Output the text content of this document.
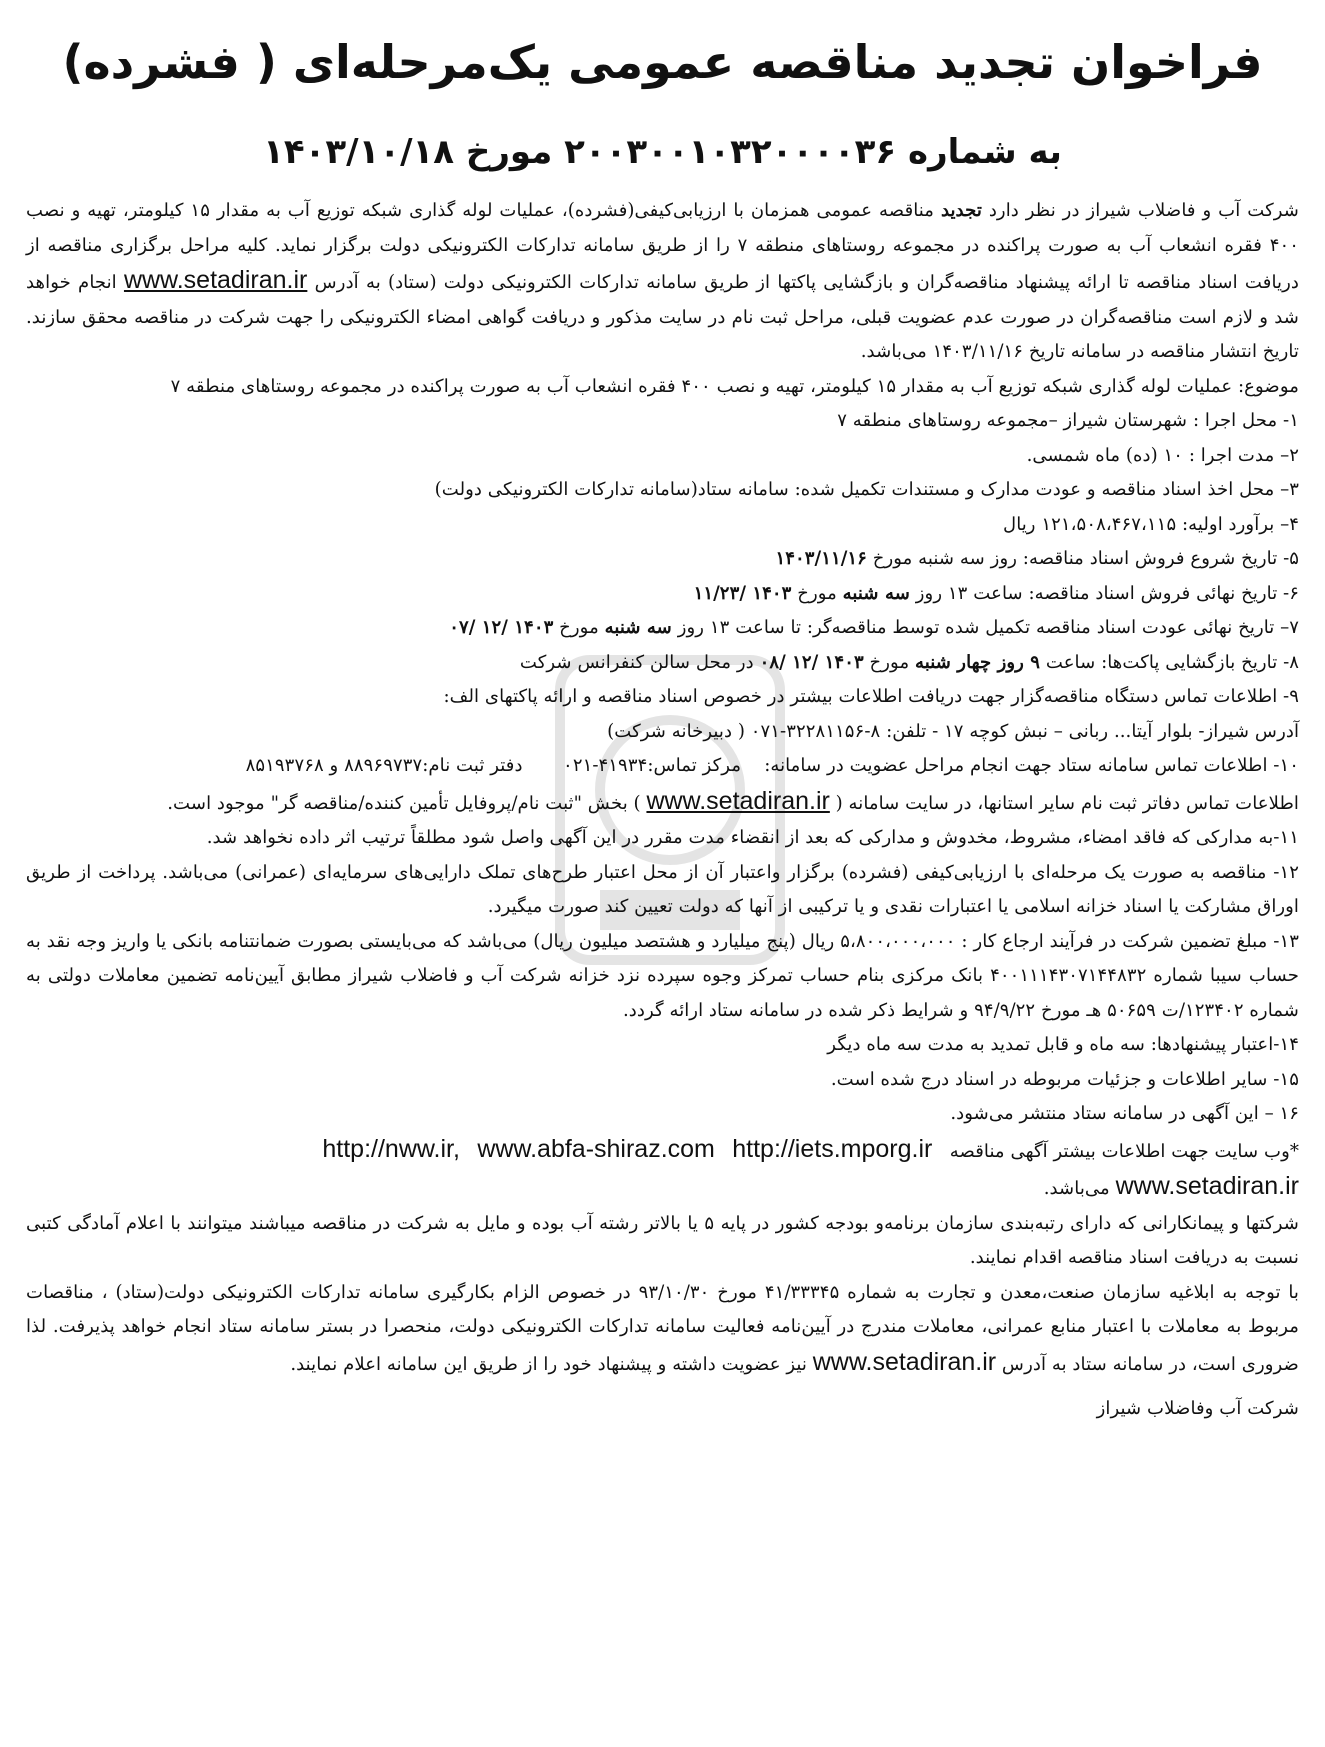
فراخوان تجدید مناقصه عمومی یک‌مرحله‌ای ( فشرده)
به شماره ۲۰۰۳۰۰۱۰۳۲۰۰۰۰۳۶ مورخ ۱۴۰۳/۱۰/۱۸

شرکت آب و فاضلاب شیراز در نظر دارد تجدید مناقصه عمومی همزمان با ارزیابی‌کیفی(فشرده)، عملیات لوله گذاری شبکه توزیع آب به مقدار ۱۵ کیلومتر، تهیه و نصب ۴۰۰ فقره انشعاب آب به صورت پراکنده در مجموعه روستاهای منطقه ۷ را از طریق سامانه تدارکات الکترونیکی دولت برگزار نماید. کلیه مراحل برگزاری مناقصه از دریافت اسناد مناقصه تا ارائه پیشنهاد مناقصه‌گران و بازگشایی پاکتها از طریق سامانه تدارکات الکترونیکی دولت (ستاد) به آدرس www.setadiran.ir انجام خواهد شد و لازم است مناقصه‌گران در صورت عدم عضویت قبلی، مراحل ثبت نام در سایت مذکور و دریافت گواهی امضاء الکترونیکی را جهت شرکت در مناقصه محقق سازند. تاریخ انتشار مناقصه در سامانه تاریخ ۱۴۰۳/۱۱/۱۶ می‌باشد.

موضوع: عملیات لوله گذاری شبکه توزیع آب به مقدار ۱۵ کیلومتر، تهیه و نصب ۴۰۰ فقره انشعاب آب به صورت پراکنده در مجموعه روستاهای منطقه ۷

۱- محل اجرا : شهرستان شیراز –مجموعه روستاهای منطقه ۷

۲– مدت اجرا : ۱۰ (ده) ماه شمسی.

۳– محل اخذ اسناد مناقصه و عودت مدارک و مستندات تکمیل شده: سامانه ستاد(سامانه تدارکات الکترونیکی دولت)

۴– برآورد اولیه: ۱۲۱،۵۰۸،۴۶۷،۱۱۵ ریال

۵- تاریخ شروع فروش اسناد مناقصه: روز سه شنبه مورخ ۱۴۰۳/۱۱/۱۶

۶- تاریخ نهائی فروش اسناد مناقصه: ساعت ۱۳ روز سه شنبه مورخ ۱۴۰۳ /۱۱/۲۳

۷– تاریخ نهائی عودت اسناد مناقصه تکمیل شده توسط مناقصه‌گر: تا ساعت ۱۳ روز سه شنبه مورخ ۱۴۰۳ /۱۲ /۰۷

۸- تاریخ بازگشایی پاکت‌ها: ساعت ۹ روز چهار شنبه مورخ ۱۴۰۳ /۱۲ /۰۸ در محل سالن کنفرانس شرکت

۹- اطلاعات تماس دستگاه مناقصه‌گزار جهت دریافت اطلاعات بیشتر در خصوص اسناد مناقصه و ارائه پاکتهای الف:

آدرس شیراز- بلوار آیتا... ربانی – نبش کوچه ۱۷ - تلفن: ۸-۳۲۲۸۱۱۵۶-۰۷۱ ( دبیرخانه شرکت)

۱۰- اطلاعات تماس سامانه ستاد جهت انجام مراحل عضویت در سامانه:    مرکز تماس:۴۱۹۳۴-۰۲۱       دفتر ثبت نام:۸۸۹۶۹۷۳۷ و ۸۵۱۹۳۷۶۸

اطلاعات تماس دفاتر ثبت نام سایر استانها، در سایت سامانه ( www.setadiran.ir ) بخش "ثبت نام/پروفایل تأمین کننده/مناقصه گر" موجود است.

۱۱-به مدارکی که فاقد امضاء، مشروط، مخدوش و مدارکی که بعد از انقضاء مدت مقرر در این آگهی واصل شود مطلقاً ترتیب اثر داده نخواهد شد.

۱۲- مناقصه به صورت یک مرحله‌ای با ارزیابی‌کیفی (فشرده) برگزار واعتبار آن از محل اعتبار طرح‌های تملک دارایی‌های سرمایه‌ای (عمرانی) می‌باشد. پرداخت از طریق اوراق مشارکت یا اسناد خزانه اسلامی یا اعتبارات نقدی و یا ترکیبی از آنها که دولت تعیین کند صورت میگیرد.

۱۳- مبلغ تضمین شرکت در فرآیند ارجاع کار : ۵،۸۰۰،۰۰۰،۰۰۰ ریال (پنج میلیارد و هشتصد میلیون ریال) می‌باشد که می‌بایستی بصورت ضمانتنامه بانکی یا واریز وجه نقد به حساب سیبا شماره ۴۰۰۱۱۱۴۳۰۷۱۴۴۸۳۲ بانک مرکزی بنام حساب تمرکز وجوه سپرده نزد خزانه شرکت آب و فاضلاب شیراز مطابق آیین‌نامه تضمین معاملات دولتی به شماره ۱۲۳۴۰۲/ت ۵۰۶۵۹ هـ مورخ ۹۴/۹/۲۲ و شرایط ذکر شده در سامانه ستاد ارائه گردد.

۱۴-اعتبار پیشنهادها: سه ماه و قابل تمدید به مدت سه ماه دیگر

۱۵- سایر اطلاعات و جزئیات مربوطه در اسناد درج شده است.

۱۶ – این آگهی در سامانه ستاد منتشر می‌شود.

*وب سایت جهت اطلاعات بیشتر آگهی مناقصه   http://iets.mporg.ir   www.abfa-shiraz.com   http://nww.ir,

www.setadiran.ir می‌باشد.

شرکتها و پیمانکارانی که دارای رتبه‌بندی سازمان برنامه‌و بودجه کشور در پایه ۵ یا بالاتر رشته آب بوده و مایل به شرکت در مناقصه میباشند میتوانند با اعلام آمادگی کتبی نسبت به دریافت اسناد مناقصه اقدام نمایند.

با توجه به ابلاغیه سازمان صنعت،معدن و تجارت به شماره ۴۱/۳۳۳۴۵ مورخ ۹۳/۱۰/۳۰ در خصوص الزام بکارگیری سامانه تدارکات الکترونیکی دولت(ستاد) ، مناقصات مربوط به معاملات با اعتبار منابع عمرانی، معاملات مندرج در آیین‌نامه فعالیت سامانه تدارکات الکترونیکی دولت، منحصرا در بستر سامانه ستاد انجام خواهد پذیرفت. لذا ضروری است، در سامانه ستاد به آدرس www.setadiran.ir نیز عضویت داشته و پیشنهاد خود را از طریق این سامانه اعلام نمایند.

شرکت آب وفاضلاب شیراز
